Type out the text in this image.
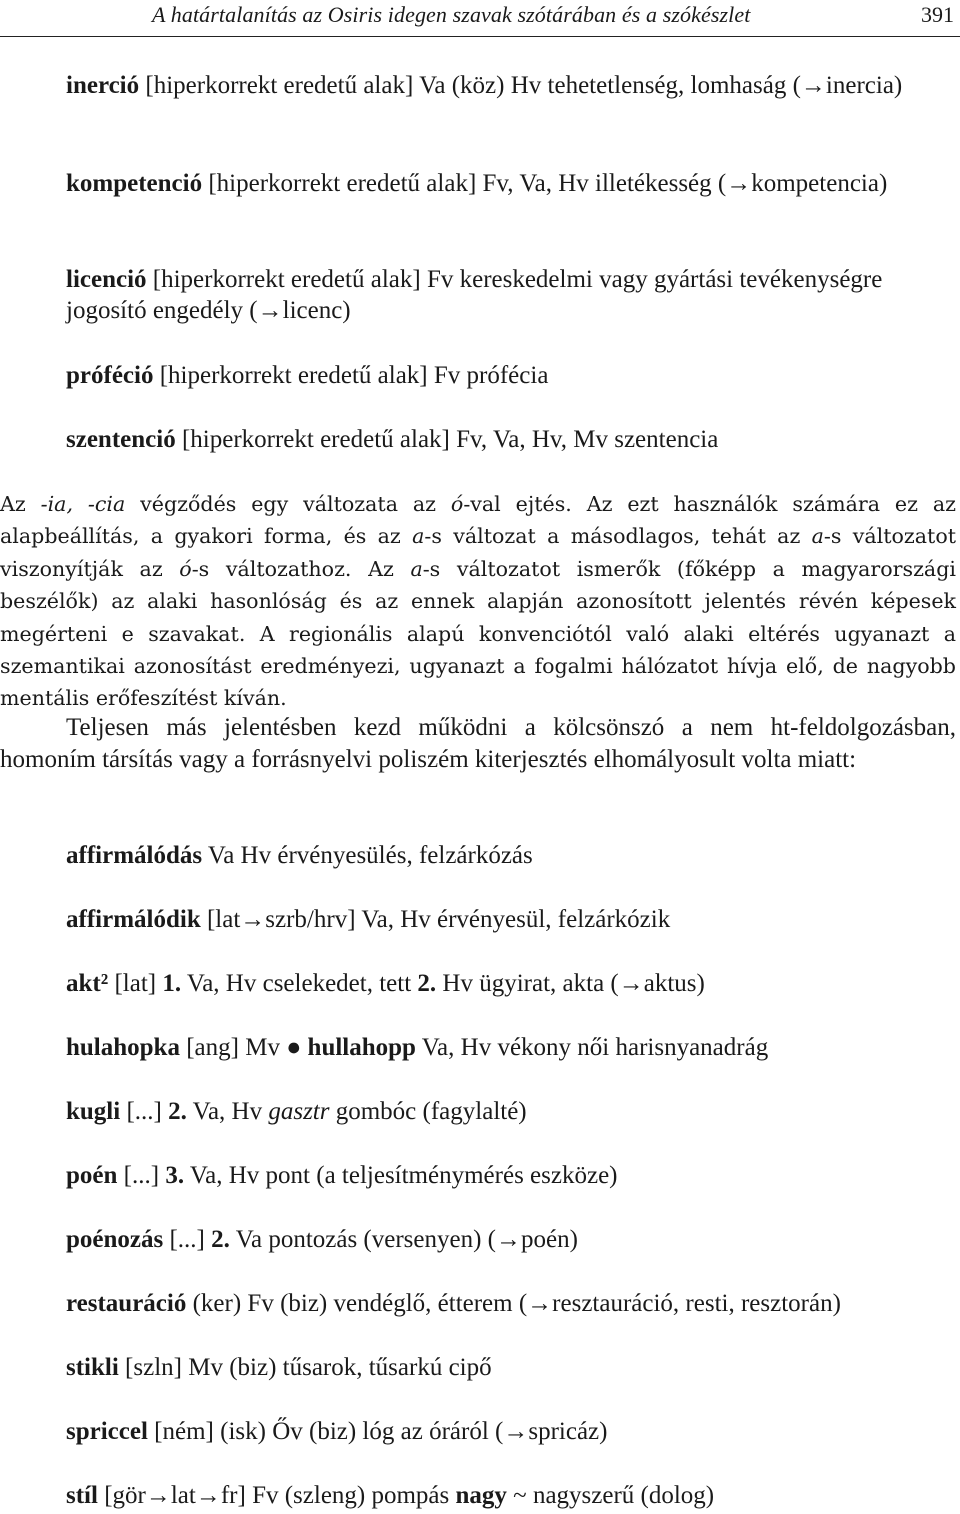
A határtalanítás az Osiris idegen szavak szótárában és a szókészlet	391
inerció [hiperkorrekt eredetű alak] Va (köz) Hv tehetetlenség, lomhaság (→inercia)
kompetenció [hiperkorrekt eredetű alak] Fv, Va, Hv illetékesség (→kompetencia)
licenció [hiperkorrekt eredetű alak] Fv kereskedelmi vagy gyártási tevékenységre jogosító engedély (→licenc)
próféció [hiperkorrekt eredetű alak] Fv prófécia
szentenció [hiperkorrekt eredetű alak] Fv, Va, Hv, Mv szentencia

Az -ia, -cia végződés egy változata az ó-val ejtés. Az ezt használók számára ez az alapbeállítás, a gyakori forma, és az a-s változat a másodlagos, tehát az a-s változatot viszonyítják az ó-s változathoz. Az a-s változatot ismerők (főképp a magyarországi beszélők) az alaki hasonlóság és az ennek alapján azonosított jelentés révén képesek megérteni e szavakat. A regionális alapú konvenciótól való alaki eltérés ugyanazt a szemantikai azonosítást eredményezi, ugyanazt a fogalmi hálózatot hívja elő, de nagyobb mentális erőfeszítést kíván.

Teljesen más jelentésben kezd működni a kölcsönszó a nem ht-feldolgozásban, homoním társítás vagy a forrásnyelvi poliszém kiterjesztés elhomályosult volta miatt:

affirmálódás Va Hv érvényesülés, felzárkózás
affirmálódik [lat→szrb/hrv] Va, Hv érvényesül, felzárkózik
akt² [lat] 1. Va, Hv cselekedet, tett 2. Hv ügyirat, akta (→aktus)
hulahopka [ang] Mv ● hullahopp Va, Hv vékony női harisnyanadrág
kugli [...] 2. Va, Hv gasztr gombóc (fagylalté)
poén [...] 3. Va, Hv pont (a teljesítménymérés eszköze)
poénozás [...] 2. Va pontozás (versenyen) (→poén)
restauráció (ker) Fv (biz) vendéglő, étterem (→resztauráció, resti, resztorán)
stikli [szln] Mv (biz) tűsarok, tűsarkú cipő
spriccel [ném] (isk) Őv (biz) lóg az óráról (→spricáz)
stíl [gör→lat→fr] Fv (szleng) pompás nagy ~ nagyszerű (dolog)
